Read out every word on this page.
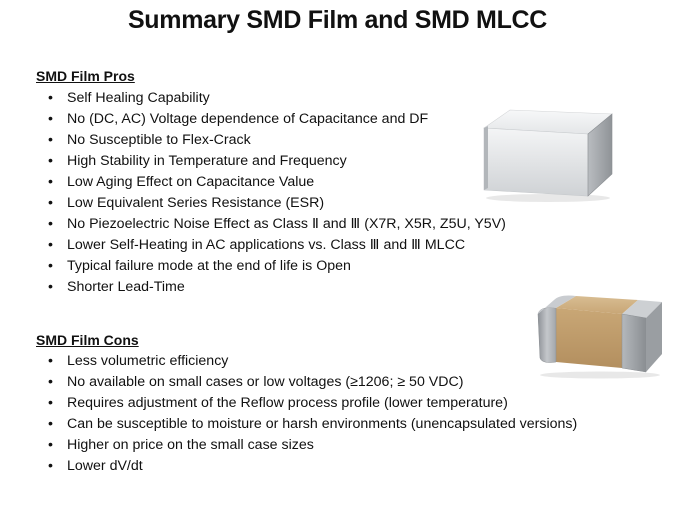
Summary SMD Film and SMD MLCC
SMD Film Pros
• Self Healing Capability
• No (DC, AC) Voltage dependence of Capacitance and DF
• No Susceptible to Flex-Crack
• High Stability in Temperature and Frequency
• Low Aging Effect on Capacitance Value
• Low Equivalent Series Resistance (ESR)
• No Piezoelectric Noise Effect as Class Ⅱ and Ⅲ (X7R, X5R, Z5U, Y5V)
• Lower Self-Heating in AC applications vs. Class Ⅲ and Ⅲ MLCC
• Typical failure mode at the end of life is Open
• Shorter Lead-Time
SMD Film Cons
• Less volumetric efficiency
• No available on small cases or low voltages (≥1206; ≥ 50 VDC)
• Requires adjustment of the Reflow process profile (lower temperature)
• Can be susceptible to moisture or harsh environments (unencapsulated versions)
• Higher on price on the small case sizes
• Lower dV/dt
